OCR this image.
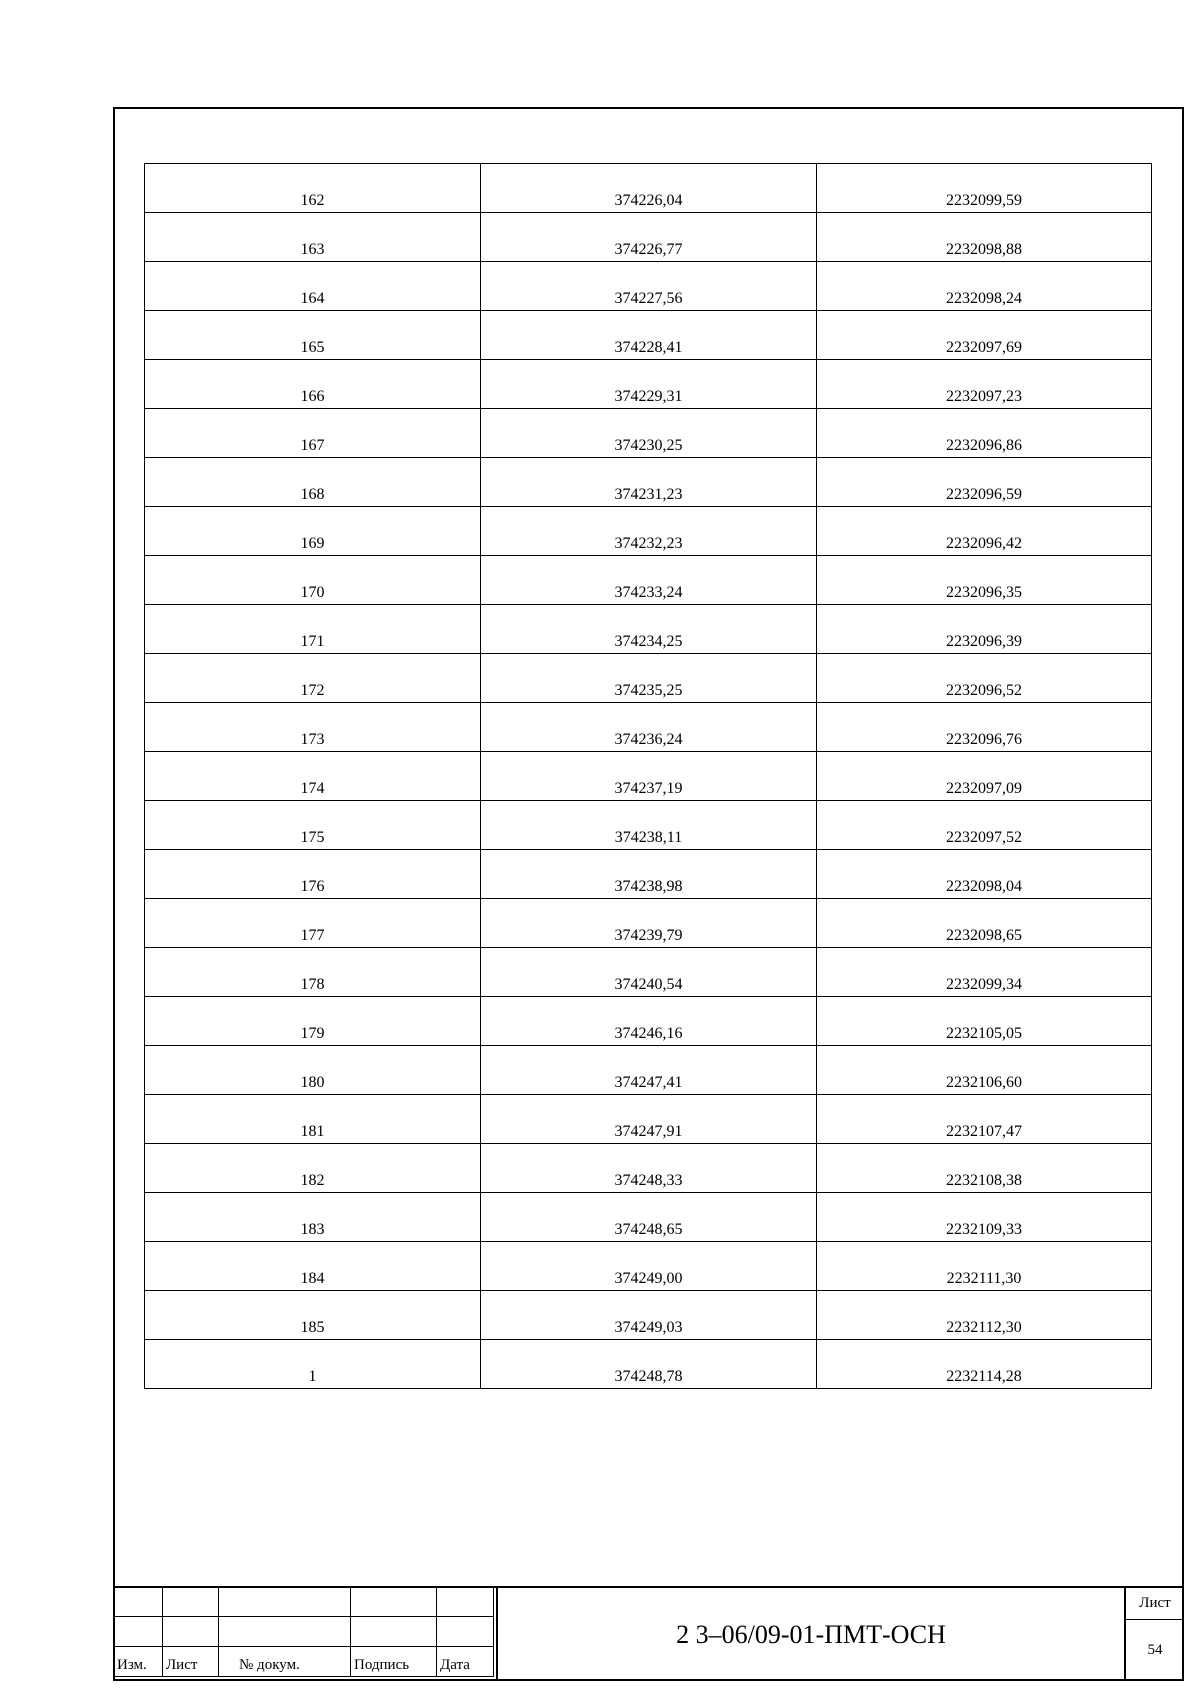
162	374226,04	2232099,59
163	374226,77	2232098,88
164	374227,56	2232098,24
165	374228,41	2232097,69
166	374229,31	2232097,23
167	374230,25	2232096,86
168	374231,23	2232096,59
169	374232,23	2232096,42
170	374233,24	2232096,35
171	374234,25	2232096,39
172	374235,25	2232096,52
173	374236,24	2232096,76
174	374237,19	2232097,09
175	374238,11	2232097,52
176	374238,98	2232098,04
177	374239,79	2232098,65
178	374240,54	2232099,34
179	374246,16	2232105,05
180	374247,41	2232106,60
181	374247,91	2232107,47
182	374248,33	2232108,38
183	374248,65	2232109,33
184	374249,00	2232111,30
185	374249,03	2232112,30
1	374248,78	2232114,28

Изм.	Лист	№ докум.	Подпись	Дата
2 3–06/09-01-ПМТ-ОСН
Лист
54
